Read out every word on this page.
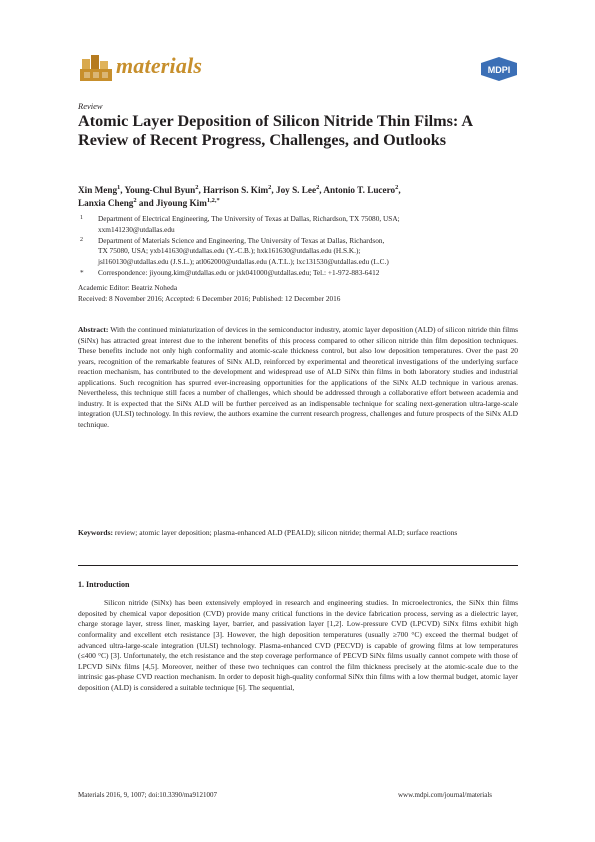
materials	MDPI
Review
Atomic Layer Deposition of Silicon Nitride Thin Films: A Review of Recent Progress, Challenges, and Outlooks
Xin Meng$^1$, Young-Chul Byun$^2$, Harrison S. Kim$^2$, Joy S. Lee$^2$, Antonio T. Lucero$^2$,
Lanxia Cheng$^2$ and Jiyoung Kim$^{1,2,*}$
1 Department of Electrical Engineering, The University of Texas at Dallas, Richardson, TX 75080, USA;
xxm141230@utdallas.edu
2 Department of Materials Science and Engineering, The University of Texas at Dallas, Richardson,
TX 75080, USA; yxb141630@utdallas.edu (Y.-C.B.); hxk161630@utdallas.edu (H.S.K.);
jsl160130@utdallas.edu (J.S.L.); atl062000@utdallas.edu (A.T.L.); lxc131530@utdallas.edu (L.C.)
* Correspondence: jiyoung.kim@utdallas.edu or jxk041000@utdallas.edu; Tel.: +1-972-883-6412
Academic Editor: Beatriz Noheda
Received: 8 November 2016; Accepted: 6 December 2016; Published: 12 December 2016
Abstract: With the continued miniaturization of devices in the semiconductor industry, atomic layer deposition (ALD) of silicon nitride thin films (SiNx) has attracted great interest due to the inherent benefits of this process compared to other silicon nitride thin film deposition techniques. These benefits include not only high conformality and atomic-scale thickness control, but also low deposition temperatures. Over the past 20 years, recognition of the remarkable features of SiNx ALD, reinforced by experimental and theoretical investigations of the underlying surface reaction mechanism, has contributed to the development and widespread use of ALD SiNx thin films in both laboratory studies and industrial applications. Such recognition has spurred ever-increasing opportunities for the applications of the SiNx ALD technique in various arenas. Nevertheless, this technique still faces a number of challenges, which should be addressed through a collaborative effort between academia and industry. It is expected that the SiNx ALD will be further perceived as an indispensable technique for scaling next-generation ultra-large-scale integration (ULSI) technology. In this review, the authors examine the current research progress, challenges and future prospects of the SiNx ALD technique.
Keywords: review; atomic layer deposition; plasma-enhanced ALD (PEALD); silicon nitride; thermal ALD; surface reactions
1. Introduction
Silicon nitride (SiNx) has been extensively employed in research and engineering studies. In microelectronics, the SiNx thin films deposited by chemical vapor deposition (CVD) provide many critical functions in the device fabrication process, serving as a dielectric layer, charge storage layer, stress liner, masking layer, barrier, and passivation layer [1,2]. Low-pressure CVD (LPCVD) SiNx films exhibit high conformality and excellent etch resistance [3]. However, the high deposition temperatures (usually ≥700 °C) exceed the thermal budget of advanced ultra-large-scale integration (ULSI) technology. Plasma-enhanced CVD (PECVD) is capable of growing films at low temperatures (≤400 °C) [3]. Unfortunately, the etch resistance and the step coverage performance of PECVD SiNx films usually cannot compete with those of LPCVD SiNx films [4,5]. Moreover, neither of these two techniques can control the film thickness precisely at the atomic-scale due to the intrinsic gas-phase CVD reaction mechanism. In order to deposit high-quality conformal SiNx thin films with a low thermal budget, atomic layer deposition (ALD) is considered a suitable technique [6]. The sequential,
Materials 2016, 9, 1007; doi:10.3390/ma9121007	www.mdpi.com/journal/materials
